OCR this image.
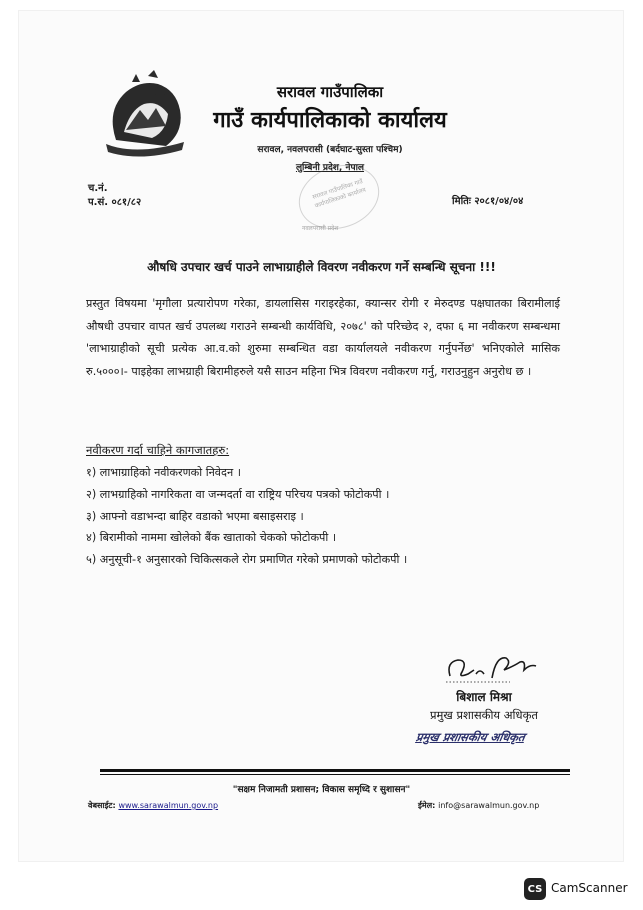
सरावल गाउँपालिका
गाउँ कार्यपालिकाको कार्यालय
सरावल, नवलपरासी (बर्दघाट-सुस्ता पश्चिम)
लुम्बिनी प्रदेश, नेपाल
सरावल गाउँपालिका गाउँ कार्यपालिकाको कार्यालय
नवलपरासी प्रदेश
च.नं.
प.सं. ०८१/८२	मितिः २०८१/०४/०४
औषधि उपचार खर्च पाउने लाभाग्राहीले विवरण नवीकरण गर्ने सम्बन्धि सूचना !!!
प्रस्तुत विषयमा 'मृगौला प्रत्यारोपण गरेका, डायलासिस गराइरहेका, क्यान्सर रोगी र मेरुदण्ड पक्षघातका बिरामीलाई औषधी उपचार वापत खर्च उपलब्ध गराउने सम्बन्धी कार्यविधि, २०७८' को परिच्छेद २, दफा ६ मा नवीकरण सम्बन्धमा 'लाभाग्राहीको सूची प्रत्येक आ.व.को शुरुमा सम्बन्धित वडा कार्यालयले नवीकरण गर्नुपर्नेछ' भनिएकोले मासिक रु.५०००।- पाइहेका लाभग्राही बिरामीहरुले यसै साउन महिना भित्र विवरण नवीकरण गर्नु, गराउनुहुन अनुरोध छ ।
नवीकरण गर्दा चाहिने कागजातहरु:
१) लाभाग्राहिको नवीकरणको निवेदन ।
२) लाभग्राहिको नागरिकता वा जन्मदर्ता वा राष्ट्रिय परिचय पत्रको फोटोकपी ।
३) आफ्नो वडाभन्दा बाहिर वडाको भएमा बसाइसराइ ।
४) बिरामीको नाममा खोलेको बैंक खाताको चेकको फोटोकपी ।
५) अनुसूची-१ अनुसारको चिकित्सकले रोग प्रमाणित गरेको प्रमाणको फोटोकपी ।
बिशाल मिश्रा
प्रमुख प्रशासकीय अधिकृत
प्रमुख प्रशासकीय अधिकृत
"सक्षम निजामती प्रशासन; विकास समृध्दि र सुशासन"
वेबसाईट: www.sarawalmun.gov.np	ईमेल: info@sarawalmun.gov.np
CS CamScanner
